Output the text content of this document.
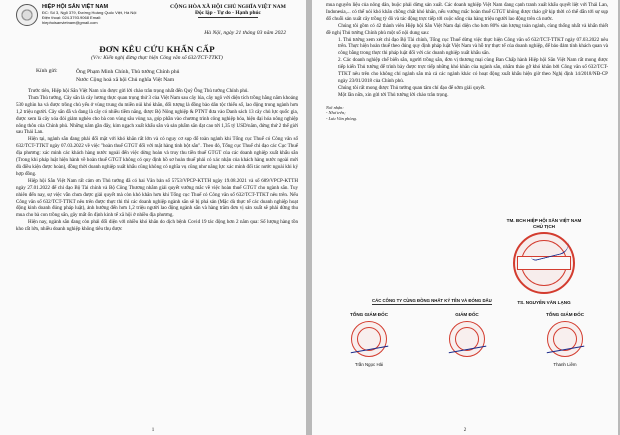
HIỆP HỘI SẮN VIỆT NAM
ĐC: Số 3, Ngõ 379, Đường Hoàng Quốc Việt, Hà Nội
Điện thoại: 024.3793.9068 Email: hiephoisanvietnam@gmail.com
CỘNG HÒA XÃ HỘI CHỦ NGHĨA VIỆT NAM
Độc lập - Tự do - Hạnh phúc
Hà Nội, ngày 21 tháng 03 năm 2022
ĐƠN KÊU CỨU KHẨN CẤP
(V/v: Kiến nghị đừng thực hiện Công văn số 632/TCT-TTKT)
Kính gửi:	Ông Phạm Minh Chính, Thủ tướng Chính phủ
Nước Cộng hoà xã hội Chủ nghĩa Việt Nam

Trước tiên, Hiệp hội Sắn Việt Nam xin được gửi lời chào trân trọng nhất đến Quý Ông Thủ tướng Chính phủ.

Thưa Thủ tướng, Cây sắn là cây lương thực quan trọng thứ 3 của Việt Nam sau cây lúa, cây ngô với diện tích trồng hằng năm khoảng 530 nghìn ha và được trồng chủ yếu ở vùng trung du miền núi khó khăn, đối tượng là đồng bào dân tộc thiểu số, lao động trong ngành hơn 1,2 triệu người. Cây sắn đã và đang là cây có nhiều tiềm năng, được Bộ Nông nghiệp & PTNT đưa vào Danh sách 13 cây chủ lực quốc gia, được xem là cây xóa đói giảm nghèo cho bà con vùng sâu vùng xa, góp phần vào chương trình công nghiệp hóa, hiện đại hóa nông nghiệp nông thôn của Chính phủ. Những năm gần đây, kim ngạch xuất khẩu sắn và sản phẩm sắn đạt cao tới 1,35 tỷ USD/năm, đứng thứ 2 thế giới sau Thái Lan.

Hiện tại, ngành sắn đang phải đối mặt với khó khăn rất lớn và có nguy cơ sụp đổ toàn ngành khi Tổng cục Thuế có Công văn số 632/TCT-TTKT ngày 07.03.2022 về việc "hoàn thuế GTGT đối với mặt hàng tinh bột sắn". Theo đó, Tổng cục Thuế chỉ đạo các Cục Thuế địa phương: xác minh các khách hàng nước ngoài đến việc dừng hoàn và truy thu tiền thuế GTGT của các doanh nghiệp xuất khẩu sắn (Trong khi pháp luật hiện hành về hoàn thuế GTGT không có quy định hồ sơ hoàn thuế phải có xác nhận của khách hàng nước ngoài mới đủ điều kiện được hoàn), đồng thời doanh nghiệp xuất khẩu cũng không có nghĩa vụ cũng như năng lực xác minh đối tác nước ngoài khi ký hợp đồng.

Hiệp hội Sắn Việt Nam rất cảm ơn Thủ tướng đã có hai Văn bản số 5753/VPCP-KTTH ngày 19.08.2021 và số 689/VPCP-KTTH ngày 27.01.2022 để chỉ đạo Bộ Tài chính và Bộ Công Thương nhằm giải quyết vướng mắc về việc hoàn thuế GTGT cho ngành sắn. Tuy nhiên đến nay, sự việc vẫn chưa được giải quyết mà còn khó khăn hơn khi Tổng cục Thuế có Công văn số 632/TCT-TTKT nêu trên. Nếu Công văn số 632/TCT-TTKT nêu trên được thực thi thì các doanh nghiệp ngành sắn sẽ bị phá sản (Mặc dù thực tế các doanh nghiệp hoạt động kinh doanh đúng pháp luật), ảnh hưởng đến hơn 1,2 triệu người lao động ngành sắn và hàng trăm đơn vị sản xuất sẽ phải dừng thu mua cho bà con trồng sắn, gây mất ổn định kinh tế xã hội ở nhiều địa phương.

Hiện nay, ngành sắn đang còn phải đối diện với nhiều khó khăn do dịch bệnh Covid 19 tác động hơn 2 năm qua: Số lượng hàng tồn kho rất lớn, nhiều doanh nghiệp không tiêu thụ được

1

mua nguyên liệu của nông dân, buộc phải dừng sản xuất. Các doanh nghiệp Việt Nam đang cạnh tranh xuất khẩu quyết liệt với Thái Lan, Indonesia,... có thể nói khó khăn chồng chất khó khăn, nếu vướng mắc hoàn thuế GTGT không được tháo gỡ kịp thời có thể dẫn tới sự sụp đổ chuỗi sản xuất cây trồng tỷ đô và tác động trực tiếp tới cuộc sống của hàng triệu người lao động trên cả nước.

Chúng tôi gồm có 42 thành viên Hiệp hội Sắn Việt Nam đại diện cho hơn 80% sản lượng toàn ngành, cùng thống nhất và khẩn thiết đề nghị Thủ tướng Chính phủ một số nội dung sau:

1. Thủ tướng xem xét chỉ đạo Bộ Tài chính, Tổng cục Thuế dừng việc thực hiện Công văn số 632/TCT-TTKT ngày 07.03.2022 nêu trên. Thực hiện hoàn thuế theo đúng quy định pháp luật Việt Nam và hỗ trợ thực tế của doanh nghiệp, để bảo đảm tính khách quan và công bằng trong thực thi pháp luật đối với các doanh nghiệp xuất khẩu sắn.

2. Các doanh nghiệp chế biến sắn, người trồng sắn, đơn vị thương mại cùng Ban Chấp hành Hiệp hội Sắn Việt Nam rất mong được tiếp kiến Thủ tướng để trình bày được trực tiếp những khó khăn của ngành sắn, nhằm tháo gỡ khó khăn bởi Công văn số 632/TCT-TTKT nêu trên cho không chỉ ngành sắn mà cả các ngành khác có hoạt động xuất khẩu hiện giờ theo Nghị định 14/2018/NĐ-CP ngày 23/01/2018 của Chính phủ.

Chúng tôi rất mong được Thủ tướng quan tâm chỉ đạo để sớm giải quyết.

Một lần nữa, xin gửi tới Thủ tướng lời chào trân trọng.

Nơi nhận:
- Như trên;
- Lưu Văn phòng.
TM. BCH HIỆP HỘI SẮN VIỆT NAM
CHỦ TỊCH
TS. NGUYỄN VĂN LẠNG
CÁC CÔNG TY CÙNG ĐỒNG NHẤT KÝ TÊN VÀ ĐÓNG DẤU
TỔNG GIÁM ĐỐC
Trần Ngọc Hải
GIÁM ĐỐC	TỔNG GIÁM ĐỐC
Thanh Liêm
2
